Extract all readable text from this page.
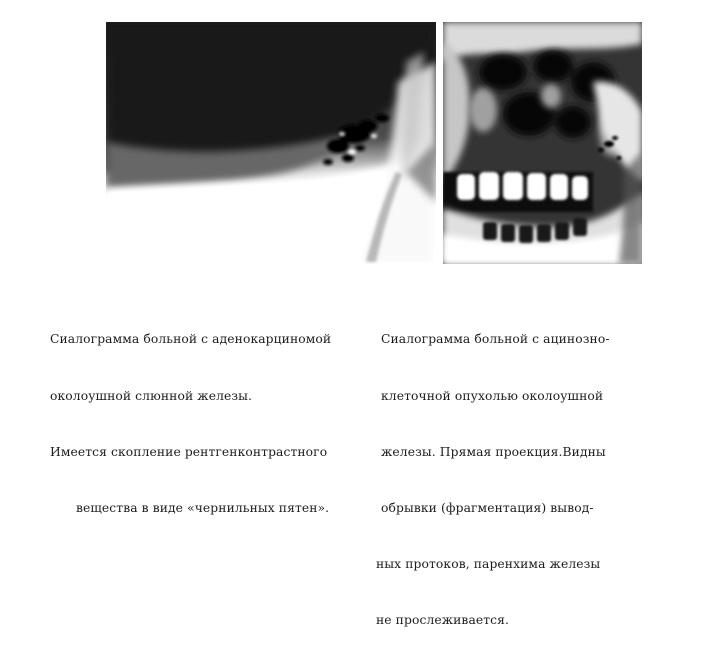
Сиалограмма больной с аденокарциномой

околоушной слюнной железы.

Имеется скопление рентгенконтрастного

вещества в виде «чернильных пятен».

Сиалограмма больной с ацинозно-

клеточной опухолью околоушной

железы. Прямая проекция.Видны

обрывки (фрагментация) вывод-

ных протоков, паренхима железы

не прослеживается.
